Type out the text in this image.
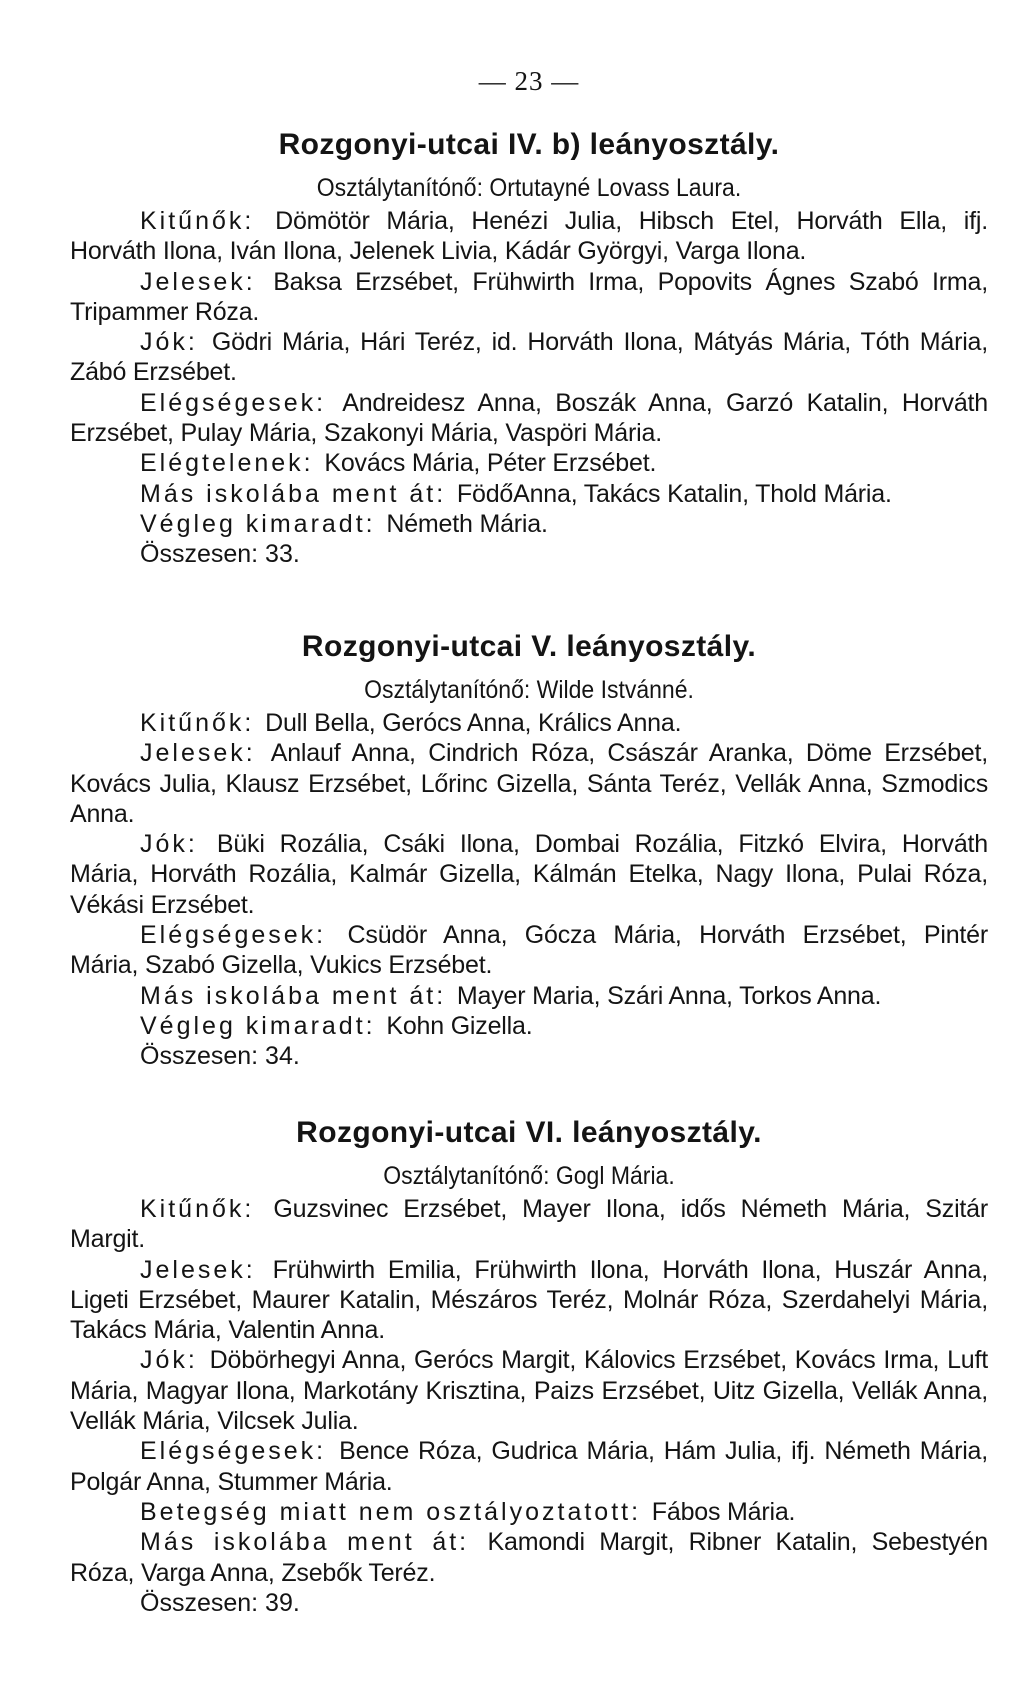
— 23 —
Rozgonyi-utcai IV. b) leányosztály.
Osztálytanítónő: Ortutayné Lovass Laura.

Kitűnők: Dömötör Mária, Henézi Julia, Hibsch Etel, Horváth Ella, ifj. Horváth Ilona, Iván Ilona, Jelenek Livia, Kádár Györgyi, Varga Ilona.

Jelesek: Baksa Erzsébet, Frühwirth Irma, Popovits Ágnes Szabó Irma, Tripammer Róza.

Jók: Gödri Mária, Hári Teréz, id. Horváth Ilona, Mátyás Mária, Tóth Mária, Zábó Erzsébet.

Elégségesek: Andreidesz Anna, Boszák Anna, Garzó Katalin, Horváth Erzsébet, Pulay Mária, Szakonyi Mária, Vaspöri Mária.

Elégtelenek: Kovács Mária, Péter Erzsébet.

Más iskolába ment át: FödőAnna, Takács Katalin, Thold Mária.

Végleg kimaradt: Németh Mária.

Összesen: 33.
Rozgonyi-utcai V. leányosztály.
Osztálytanítónő: Wilde Istvánné.

Kitűnők: Dull Bella, Gerócs Anna, Králics Anna.

Jelesek: Anlauf Anna, Cindrich Róza, Császár Aranka, Döme Erzsébet, Kovács Julia, Klausz Erzsébet, Lőrinc Gizella, Sánta Teréz, Vellák Anna, Szmodics Anna.

Jók: Büki Rozália, Csáki Ilona, Dombai Rozália, Fitzkó Elvira, Horváth Mária, Horváth Rozália, Kalmár Gizella, Kálmán Etelka, Nagy Ilona, Pulai Róza, Vékási Erzsébet.

Elégségesek: Csüdör Anna, Gócza Mária, Horváth Erzsébet, Pintér Mária, Szabó Gizella, Vukics Erzsébet.

Más iskolába ment át: Mayer Maria, Szári Anna, Torkos Anna.

Végleg kimaradt: Kohn Gizella.

Összesen: 34.
Rozgonyi-utcai VI. leányosztály.
Osztálytanítónő: Gogl Mária.

Kitűnők: Guzsvinec Erzsébet, Mayer Ilona, idős Németh Mária, Szitár Margit.

Jelesek: Frühwirth Emilia, Frühwirth Ilona, Horváth Ilona, Huszár Anna, Ligeti Erzsébet, Maurer Katalin, Mészáros Teréz, Molnár Róza, Szerdahelyi Mária, Takács Mária, Valentin Anna.

Jók: Döbörhegyi Anna, Gerócs Margit, Kálovics Erzsébet, Kovács Irma, Luft Mária, Magyar Ilona, Markotány Krisztina, Paizs Erzsébet, Uitz Gizella, Vellák Anna, Vellák Mária, Vilcsek Julia.

Elégségesek: Bence Róza, Gudrica Mária, Hám Julia, ifj. Németh Mária, Polgár Anna, Stummer Mária.

Betegség miatt nem osztályoztatott: Fábos Mária.

Más iskolába ment át: Kamondi Margit, Ribner Katalin, Sebestyén Róza, Varga Anna, Zsebők Teréz.

Összesen: 39.
